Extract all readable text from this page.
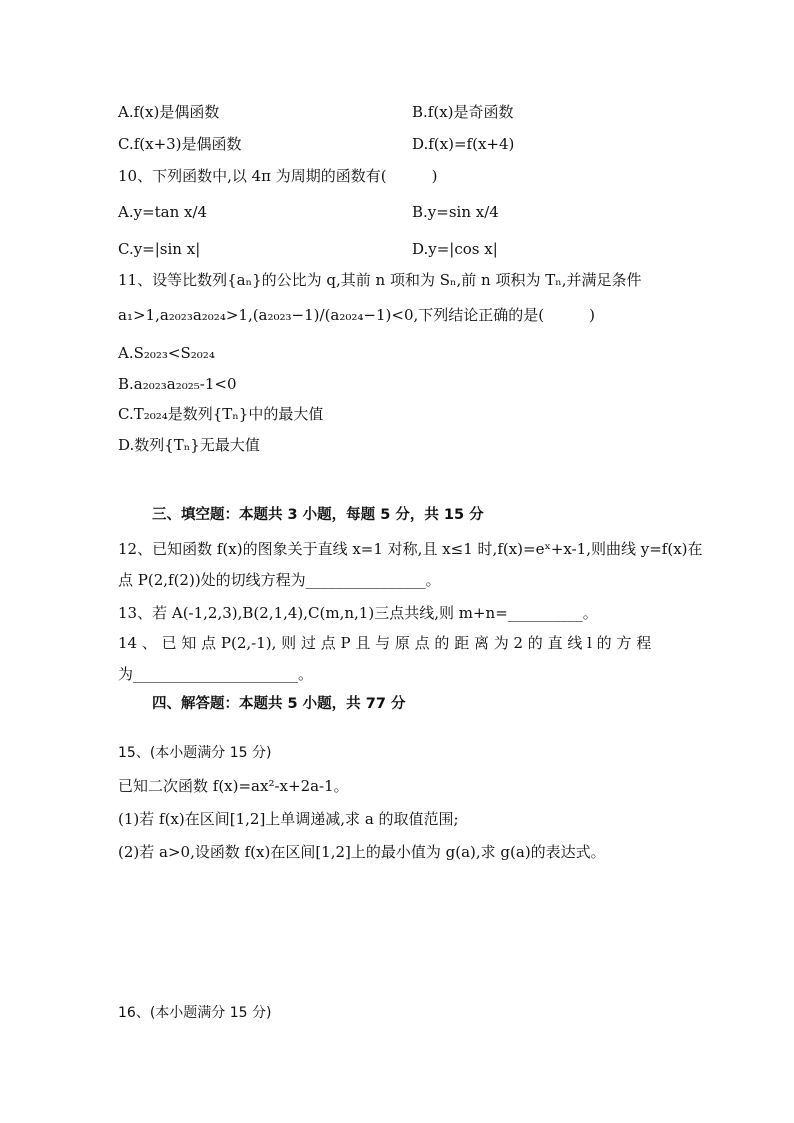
A.f(x)是偶函数	B.f(x)是奇函数
C.f(x+3)是偶函数	D.f(x)=f(x+4)
10、下列函数中,以 4π 为周期的函数有(　　　)
A.y=tan x/4	B.y=sin x/4
C.y=|sin x|	D.y=|cos x|
11、设等比数列{aₙ}的公比为 q,其前 n 项和为 Sₙ,前 n 项积为 Tₙ,并满足条件
a₁>1,a₂₀₂₃a₂₀₂₄>1,(a₂₀₂₃−1)/(a₂₀₂₄−1)<0,下列结论正确的是(　　　)
A.S₂₀₂₃<S₂₀₂₄
B.a₂₀₂₃a₂₀₂₅-1<0
C.T₂₀₂₄是数列{Tₙ}中的最大值
D.数列{Tₙ}无最大值
三、填空题：本题共 3 小题，每题 5 分，共 15 分
12、已知函数 f(x)的图象关于直线 x=1 对称,且 x≤1 时,f(x)=eˣ+x-1,则曲线 y=f(x)在
点 P(2,f(2))处的切线方程为________________。
13、若 A(-1,2,3),B(2,1,4),C(m,n,1)三点共线,则 m+n=__________。
14 、 已 知 点 P(2,-1), 则 过 点 P 且 与 原 点 的 距 离 为 2 的 直 线 l 的 方 程
为______________________。
四、解答题：本题共 5 小题，共 77 分
15、(本小题满分 15 分)
已知二次函数 f(x)=ax²-x+2a-1。
(1)若 f(x)在区间[1,2]上单调递减,求 a 的取值范围;
(2)若 a>0,设函数 f(x)在区间[1,2]上的最小值为 g(a),求 g(a)的表达式。
16、(本小题满分 15 分)
